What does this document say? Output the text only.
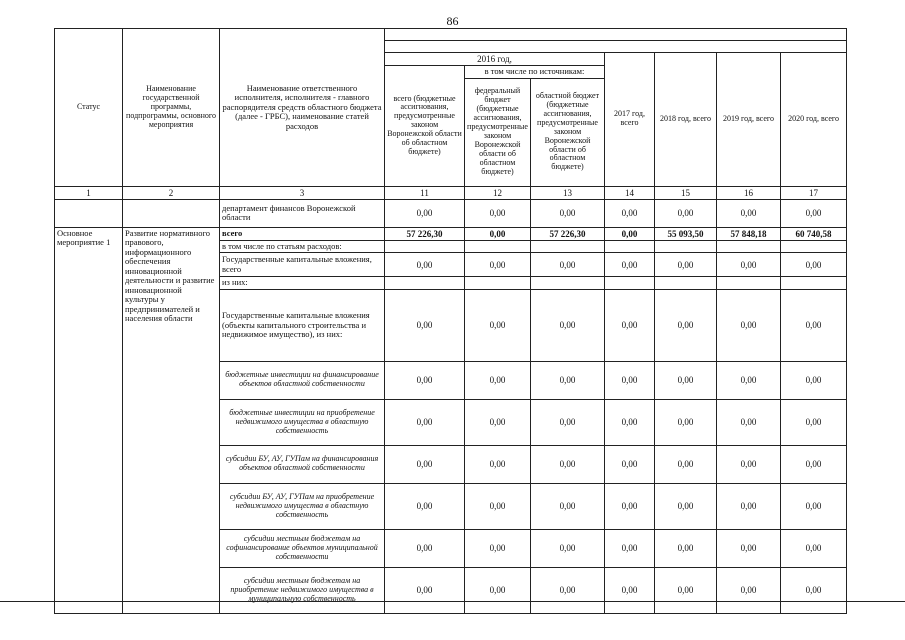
86
Статус	Наименование государственной программы, подпрограммы, основного мероприятия	Наименование ответственного исполнителя, исполнителя - главного распорядителя средств областного бюджета (далее - ГРБС), наименование статей расходов							

			2016 год,			2017 год, всего	2018 год, всего	2019 год, всего	2020 год, всего
			всего (бюджетные ассигнования, предусмотренные законом Воронежской области об областном бюджете)	в том числе по источникам:					
				федеральный бюджет (бюджетные ассигнования, предусмотренные законом Воронежской области об областном бюджете)	областной бюджет (бюджетные ассигнования, предусмотренные законом Воронежской области об областном бюджете)				
1	2	3	11	12	13	14	15	16	17
		департамент финансов Воронежской области	0,00	0,00	0,00	0,00	0,00	0,00	0,00
Основное мероприятие 1	Развитие нормативного правового, информационного обеспечения инновационной деятельности и развитие инновационной культуры у предпринимателей и населения области	всего	57 226,30	0,00	57 226,30	0,00	55 093,50	57 848,18	60 740,58
		в том числе по статьям расходов:							
		Государственные капитальные вложения, всего	0,00	0,00	0,00	0,00	0,00	0,00	0,00
		из них:							
		Государственные капитальные вложения (объекты капитального строительства и недвижимое имущество), из них:	0,00	0,00	0,00	0,00	0,00	0,00	0,00
		бюджетные инвестиции на финансирование объектов областной собственности	0,00	0,00	0,00	0,00	0,00	0,00	0,00
		бюджетные инвестиции на приобретение недвижимого имущества в областную собственность	0,00	0,00	0,00	0,00	0,00	0,00	0,00
		субсидии БУ, АУ, ГУПам на финансирования объектов областной собственности	0,00	0,00	0,00	0,00	0,00	0,00	0,00
		субсидии БУ, АУ, ГУПам на приобретение недвижимого имущества в областную собственность	0,00	0,00	0,00	0,00	0,00	0,00	0,00
		субсидии местным бюджетам на софинансирование объектов муниципальной собственности	0,00	0,00	0,00	0,00	0,00	0,00	0,00
		субсидии местным бюджетам на приобретение недвижимого имущества в муниципальную собственность	0,00	0,00	0,00	0,00	0,00	0,00	0,00
